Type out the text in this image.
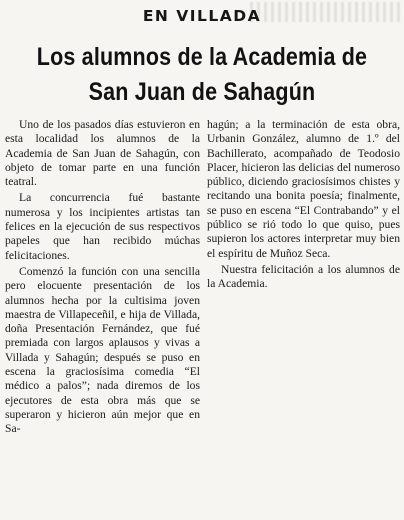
EN VILLADA
Los alumnos de la Academia de San Juan de Sahagún

Uno de los pasados días estuvieron en esta localidad los alumnos de la Academia de San Juan de Sahagún, con objeto de tomar parte en una función teatral.

La concurrencia fué bastante numerosa y los incipientes artistas tan felices en la ejecución de sus respectivos papeles que han recibido múchas felicitaciones.

Comenzó la función con una sencilla pero elocuente presentación de los alumnos hecha por la cultisima joven maestra de Villapeceñil, e hija de Villada, doña Presentación Fernández, que fué premiada con largos aplausos y vivas a Villada y Sahagún; después se puso en escena la graciosísima comedia “El médico a palos”; nada diremos de los ejecutores de esta obra más que se superaron y hicieron aún mejor que en Sa-

hagún; a la terminación de esta obra, Urbanin González, alumno de 1.º del Bachillerato, acompañado de Teodosio Placer, hicieron las delicias del numeroso público, diciendo graciosísimos chistes y recitando una bonita poesía; finalmente, se puso en escena “El Contrabando” y el público se rió todo lo que quiso, pues supieron los actores interpretar muy bien el espíritu de Muñoz Seca.

Nuestra felicitación a los alumnos de la Academia.
